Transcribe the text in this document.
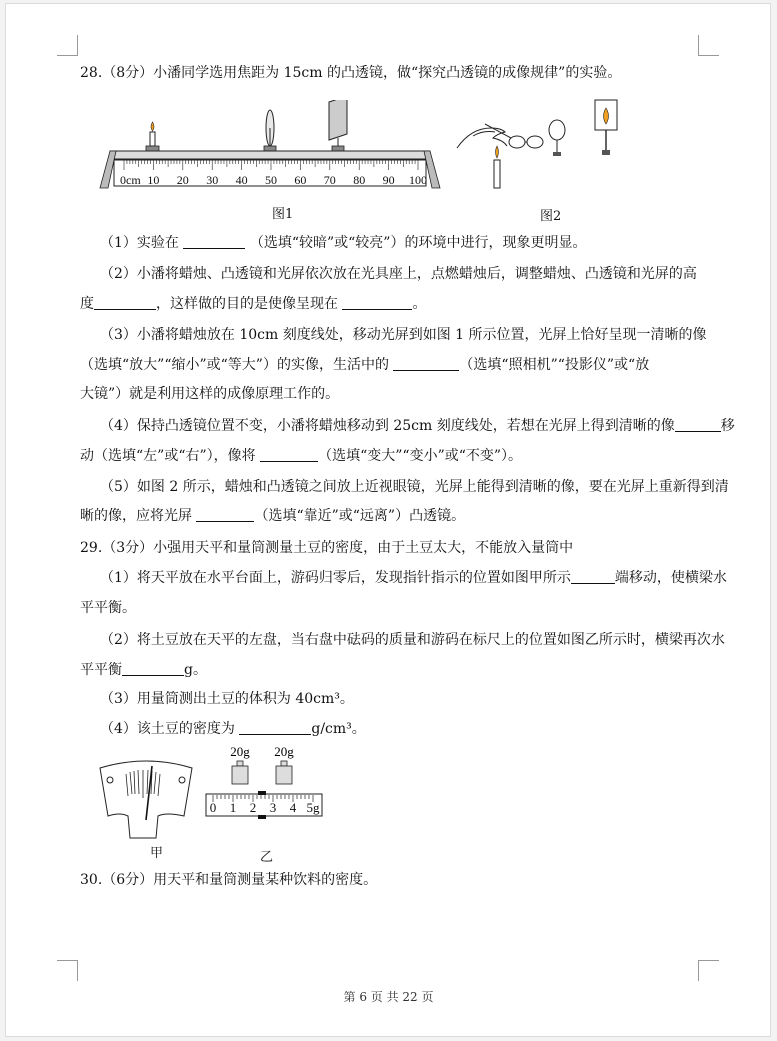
28.（8分）小潘同学选用焦距为 15cm 的凸透镜，做“探究凸透镜的成像规律”的实验。
0cm 10 20 30 40 50 60 70 80 90 100
图1	图2
（1）实验在	（选填“较暗”或“较亮”）的环境中进行，现象更明显。
（2）小潘将蜡烛、凸透镜和光屏依次放在光具座上，点燃蜡烛后，调整蜡烛、凸透镜和光屏的高
度	，这样做的目的是使像呈现在	。
（3）小潘将蜡烛放在 10cm 刻度线处，移动光屏到如图 1 所示位置，光屏上恰好呈现一清晰的像
（选填“放大”“缩小”或“等大”）的实像，生活中的	（选填“照相机”“投影仪”或“放
大镜”）就是利用这样的成像原理工作的。
（4）保持凸透镜位置不变，小潘将蜡烛移动到 25cm 刻度线处，若想在光屏上得到清晰的像	移
动（选填“左”或“右”），像将	（选填“变大”“变小”或“不变”）。
（5）如图 2 所示，蜡烛和凸透镜之间放上近视眼镜，光屏上能得到清晰的像，要在光屏上重新得到清
晰的像，应将光屏	（选填“靠近”或“远离”）凸透镜。
29.（3分）小强用天平和量筒测量土豆的密度，由于土豆太大，不能放入量筒中
（1）将天平放在水平台面上，游码归零后，发现指针指示的位置如图甲所示	端移动，使横梁水
平平衡。
（2）将土豆放在天平的左盘，当右盘中砝码的质量和游码在标尺上的位置如图乙所示时，横梁再次水
平平衡	g。
（3）用量筒测出土豆的体积为 40cm³。
（4）该土豆的密度为	g/cm³。
甲
20g 20g
0 1 2 3 4 5g
乙
30.（6分）用天平和量筒测量某种饮料的密度。
第 6 页 共 22 页
